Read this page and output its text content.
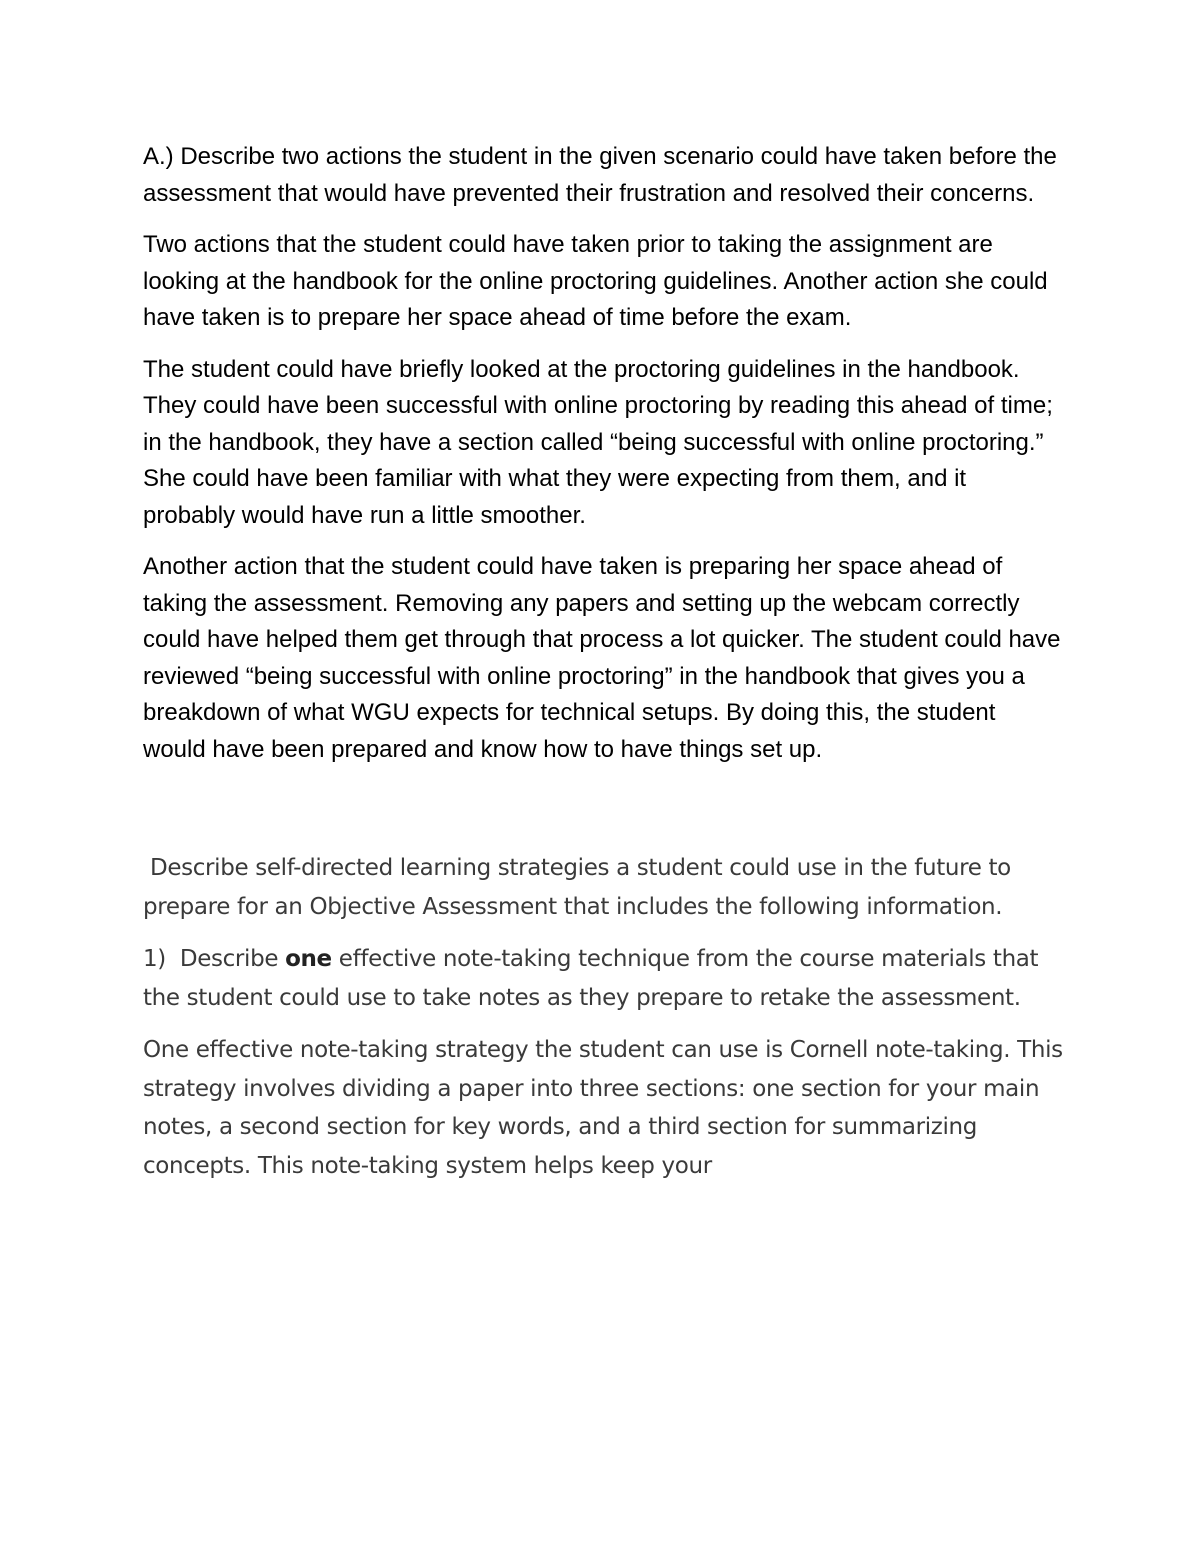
A.) Describe two actions the student in the given scenario could have taken before the assessment that would have prevented their frustration and resolved their concerns.

Two actions that the student could have taken prior to taking the assignment are looking at the handbook for the online proctoring guidelines. Another action she could have taken is to prepare her space ahead of time before the exam.

The student could have briefly looked at the proctoring guidelines in the handbook. They could have been successful with online proctoring by reading this ahead of time; in the handbook, they have a section called “being successful with online proctoring.” She could have been familiar with what they were expecting from them, and it probably would have run a little smoother.

Another action that the student could have taken is preparing her space ahead of taking the assessment. Removing any papers and setting up the webcam correctly could have helped them get through that process a lot quicker. The student could have reviewed “being successful with online proctoring” in the handbook that gives you a breakdown of what WGU expects for technical setups. By doing this, the student would have been prepared and know how to have things set up.

Describe self-directed learning strategies a student could use in the future to prepare for an Objective Assessment that includes the following information.

1)  Describe one effective note-taking technique from the course materials that the student could use to take notes as they prepare to retake the assessment.

One effective note-taking strategy the student can use is Cornell note-taking. This strategy involves dividing a paper into three sections: one section for your main notes, a second section for key words, and a third section for summarizing concepts. This note-taking system helps keep your
